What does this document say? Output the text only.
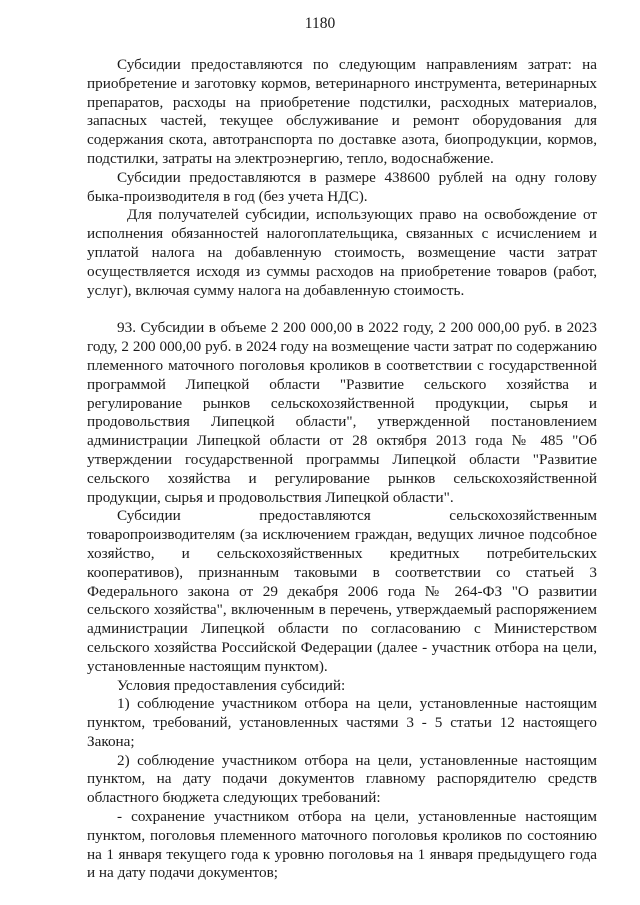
1180

Субсидии предоставляются по следующим направлениям затрат: на приобретение и заготовку кормов, ветеринарного инструмента, ветеринарных препаратов, расходы на приобретение подстилки, расходных материалов, запасных частей, текущее обслуживание и ремонт оборудования для содержания скота, автотранспорта по доставке азота, биопродукции, кормов, подстилки, затраты на электроэнергию, тепло, водоснабжение.

Субсидии предоставляются в размере 438600 рублей на одну голову быка-производителя в год (без учета НДС).

Для получателей субсидии, использующих право на освобождение от исполнения обязанностей налогоплательщика, связанных с исчислением и уплатой налога на добавленную стоимость, возмещение части затрат осуществляется исходя из суммы расходов на приобретение товаров (работ, услуг), включая сумму налога на добавленную стоимость.

93. Субсидии в объеме 2 200 000,00 в 2022 году, 2 200 000,00 руб. в 2023 году, 2 200 000,00 руб. в 2024 году на возмещение части затрат по содержанию племенного маточного поголовья кроликов в соответствии с государственной программой Липецкой области "Развитие сельского хозяйства и регулирование рынков сельскохозяйственной продукции, сырья и продовольствия Липецкой области", утвержденной постановлением администрации Липецкой области от 28 октября 2013 года № 485 "Об утверждении государственной программы Липецкой области "Развитие сельского хозяйства и регулирование рынков сельскохозяйственной продукции, сырья и продовольствия Липецкой области".

Субсидии предоставляются сельскохозяйственным товаропроизводителям (за исключением граждан, ведущих личное подсобное хозяйство, и сельскохозяйственных кредитных потребительских кооперативов), признанным таковыми в соответствии со статьей 3 Федерального закона от 29 декабря 2006 года № 264-ФЗ "О развитии сельского хозяйства", включенным в перечень, утверждаемый распоряжением администрации Липецкой области по согласованию с Министерством сельского хозяйства Российской Федерации (далее - участник отбора на цели, установленные настоящим пунктом).

Условия предоставления субсидий:

1) соблюдение участником отбора на цели, установленные настоящим пунктом, требований, установленных частями 3 - 5 статьи 12 настоящего Закона;

2) соблюдение участником отбора на цели, установленные настоящим пунктом, на дату подачи документов главному распорядителю средств областного бюджета следующих требований:

- сохранение участником отбора на цели, установленные настоящим пунктом, поголовья племенного маточного поголовья кроликов по состоянию на 1 января текущего года к уровню поголовья на 1 января предыдущего года и на дату подачи документов;
